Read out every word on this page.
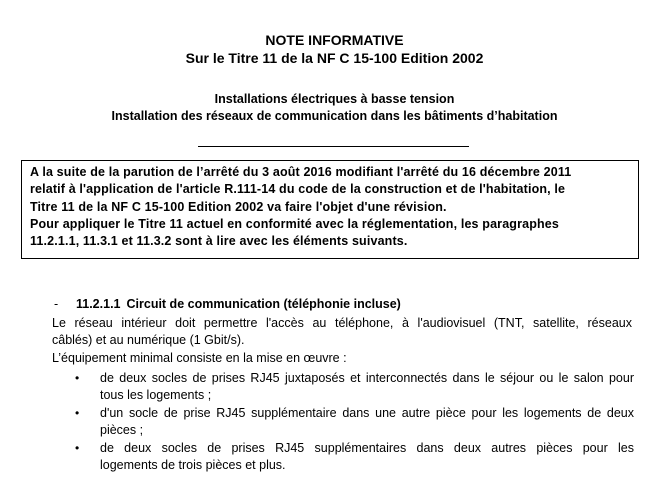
NOTE INFORMATIVE
Sur le Titre 11 de la NF C 15-100 Edition 2002
Installations électriques à basse tension
Installation des réseaux de communication dans les bâtiments d’habitation
A la suite de la parution de l’arrêté du 3 août 2016 modifiant l'arrêté du 16 décembre 2011
relatif à l'application de l'article R.111-14 du code de la construction et de l'habitation, le
Titre 11 de la NF C 15-100 Edition 2002 va faire l'objet d'une révision.
Pour appliquer le Titre 11 actuel en conformité avec la réglementation, les paragraphes
11.2.1.1, 11.3.1 et 11.3.2 sont à lire avec les éléments suivants.
- 11.2.1.1 Circuit de communication (téléphonie incluse)
Le réseau intérieur doit permettre l'accès au téléphone, à l'audiovisuel (TNT, satellite, réseaux
câblés) et au numérique (1 Gbit/s).
L’équipement minimal consiste en la mise en œuvre :
•	de deux socles de prises RJ45 juxtaposés et interconnectés dans le séjour ou le salon pour
tous les logements ;
•	d'un socle de prise RJ45 supplémentaire dans une autre pièce pour les logements de deux
pièces ;
•	de deux socles de prises RJ45 supplémentaires dans deux autres pièces pour les
logements de trois pièces et plus.
